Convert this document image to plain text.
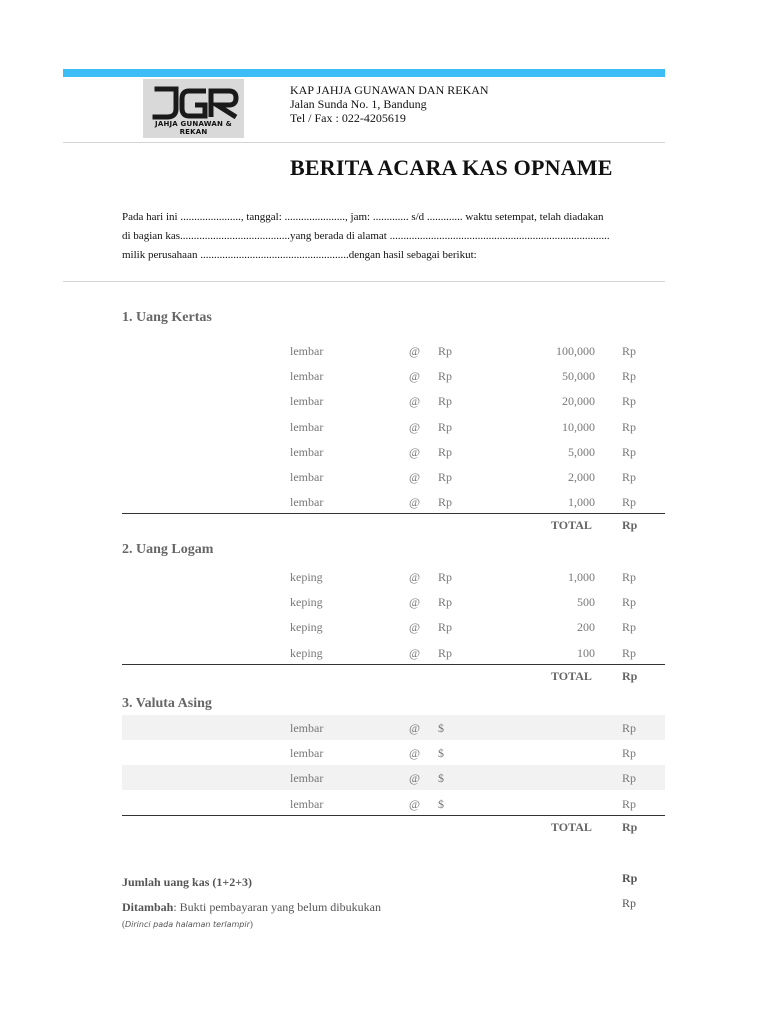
JAHJA GUNAWAN & REKAN
KAP JAHJA GUNAWAN DAN REKAN
Jalan Sunda No. 1, Bandung
Tel / Fax : 022-4205619
BERITA ACARA KAS OPNAME
Pada hari ini ......................, tanggal: ......................, jam: ............. s/d ............. waktu setempat, telah diadakan
di bagian kas........................................yang berada di alamat ................................................................................
milik perusahaan ......................................................dengan hasil sebagai berikut:
1. Uang Kertas
lembar	@ Rp	100,000 Rp
lembar	@ Rp	50,000 Rp
lembar	@ Rp	20,000 Rp
lembar	@ Rp	10,000 Rp
lembar	@ Rp	5,000 Rp
lembar	@ Rp	2,000 Rp
lembar	@ Rp	1,000 Rp
TOTAL	Rp
2. Uang Logam
keping	@ Rp	1,000 Rp
keping	@ Rp	500 Rp
keping	@ Rp	200 Rp
keping	@ Rp	100 Rp
TOTAL	Rp
3. Valuta Asing
lembar	@ $	Rp
lembar	@ $	Rp
lembar	@ $	Rp
lembar	@ $	Rp
TOTAL	Rp
Jumlah uang kas (1+2+3)	Rp
Ditambah: Bukti pembayaran yang belum dibukukan	Rp
(Dirinci pada halaman terlampir)
